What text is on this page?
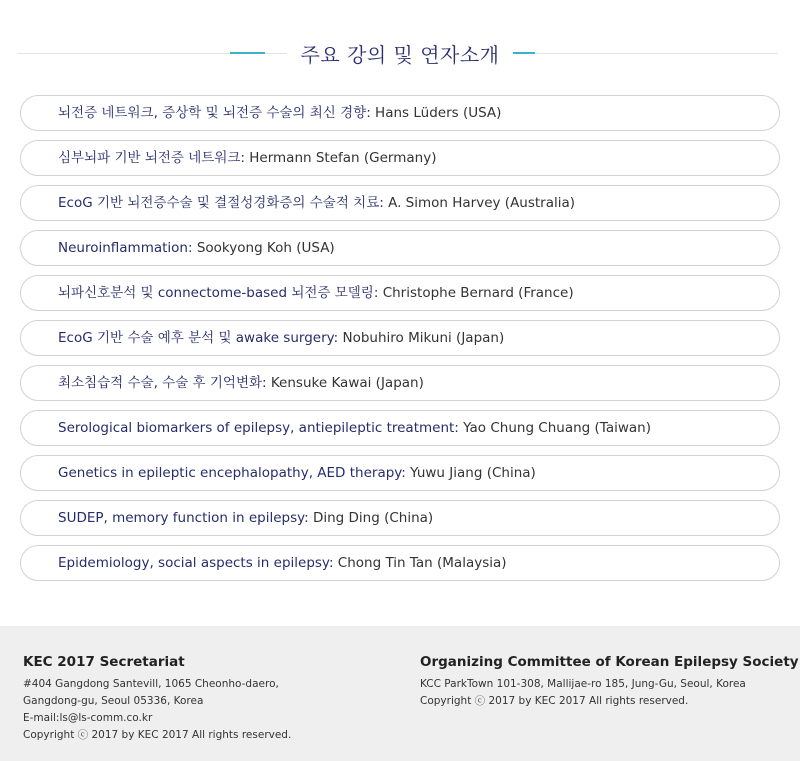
주요 강의 및 연자소개
뇌전증 네트워크, 증상학 및 뇌전증 수술의 최신 경향: Hans Lüders (USA)
심부뇌파 기반 뇌전증 네트워크: Hermann Stefan (Germany)
EcoG 기반 뇌전증수술 및 결절성경화증의 수술적 치료: A. Simon Harvey (Australia)
Neuroinflammation: Sookyong Koh (USA)
뇌파신호분석 및 connectome-based 뇌전증 모델링: Christophe Bernard (France)
EcoG 기반 수술 예후 분석 및 awake surgery: Nobuhiro Mikuni (Japan)
최소침습적 수술, 수술 후 기억변화: Kensuke Kawai (Japan)
Serological biomarkers of epilepsy, antiepileptic treatment: Yao Chung Chuang (Taiwan)
Genetics in epileptic encephalopathy, AED therapy: Yuwu Jiang (China)
SUDEP, memory function in epilepsy: Ding Ding (China)
Epidemiology, social aspects in epilepsy: Chong Tin Tan (Malaysia)
KEC 2017 Secretariat
#404 Gangdong Santevill, 1065 Cheonho-daero,
Gangdong-gu, Seoul 05336, Korea
E-mail:ls@ls-comm.co.kr
Copyright ⓒ 2017 by KEC 2017 All rights reserved.
Organizing Committee of Korean Epilepsy Society
KCC ParkTown 101-308, Mallijae-ro 185, Jung-Gu, Seoul, Korea
Copyright ⓒ 2017 by KEC 2017 All rights reserved.
